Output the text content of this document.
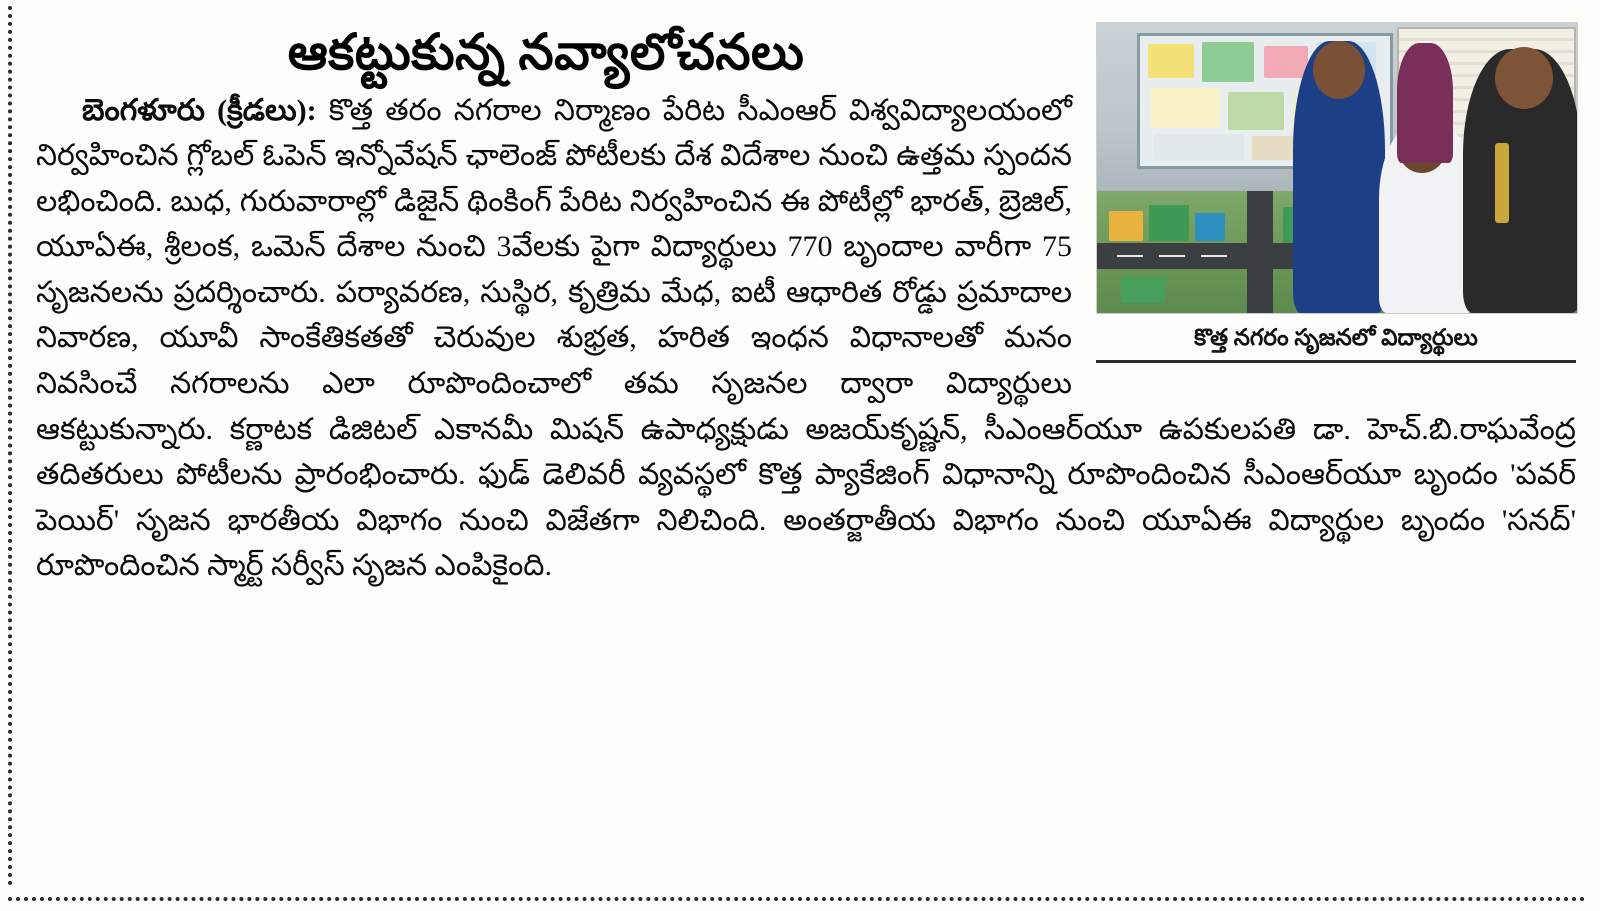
కొత్త నగరం సృజనలో విద్యార్థులు
ఆకట్టుకున్న నవ్యాలోచనలు
బెంగళూరు (క్రీడలు): కొత్త తరం నగరాల నిర్మాణం పేరిట సీఎంఆర్ విశ్వవిద్యాలయంలో నిర్వహించిన గ్లోబల్ ఓపెన్ ఇన్నోవేషన్ ఛాలెంజ్ పోటీలకు దేశ విదేశాల నుంచి ఉత్తమ స్పందన లభించింది. బుధ, గురువారాల్లో డిజైన్ థింకింగ్ పేరిట నిర్వహించిన ఈ పోటీల్లో భారత్, బ్రెజిల్, యూఏఈ, శ్రీలంక, ఒమెన్ దేశాల నుంచి 3వేలకు పైగా విద్యార్థులు 770 బృందాల వారీగా 75 సృజనలను ప్రదర్శించారు. పర్యావరణ, సుస్థిర, కృత్రిమ మేధ, ఐటీ ఆధారిత రోడ్డు ప్రమాదాల నివారణ, యూవీ సాంకేతికతతో చెరువుల శుభ్రత, హరిత ఇంధన విధానాలతో మనం నివసించే నగరాలను ఎలా రూపొందించాలో తమ సృజనల ద్వారా విద్యార్థులు ఆకట్టుకున్నారు. కర్ణాటక డిజిటల్ ఎకానమీ మిషన్ ఉపాధ్యక్షుడు అజయ్‌కృష్ణన్, సీఎంఆర్‌యూ ఉపకులపతి డా. హెచ్.బి.రాఘవేంద్ర తదితరులు పోటీలను ప్రారంభించారు. ఫుడ్ డెలివరీ వ్యవస్థలో కొత్త ప్యాకేజింగ్ విధానాన్ని రూపొందించిన సీఎంఆర్‌యూ బృందం 'పవర్ పెయిర్' సృజన భారతీయ విభాగం నుంచి విజేతగా నిలిచింది. అంతర్జాతీయ విభాగం నుంచి యూఏఈ విద్యార్థుల బృందం 'సనద్' రూపొందించిన స్మార్ట్ సర్వీస్ సృజన ఎంపికైంది.
